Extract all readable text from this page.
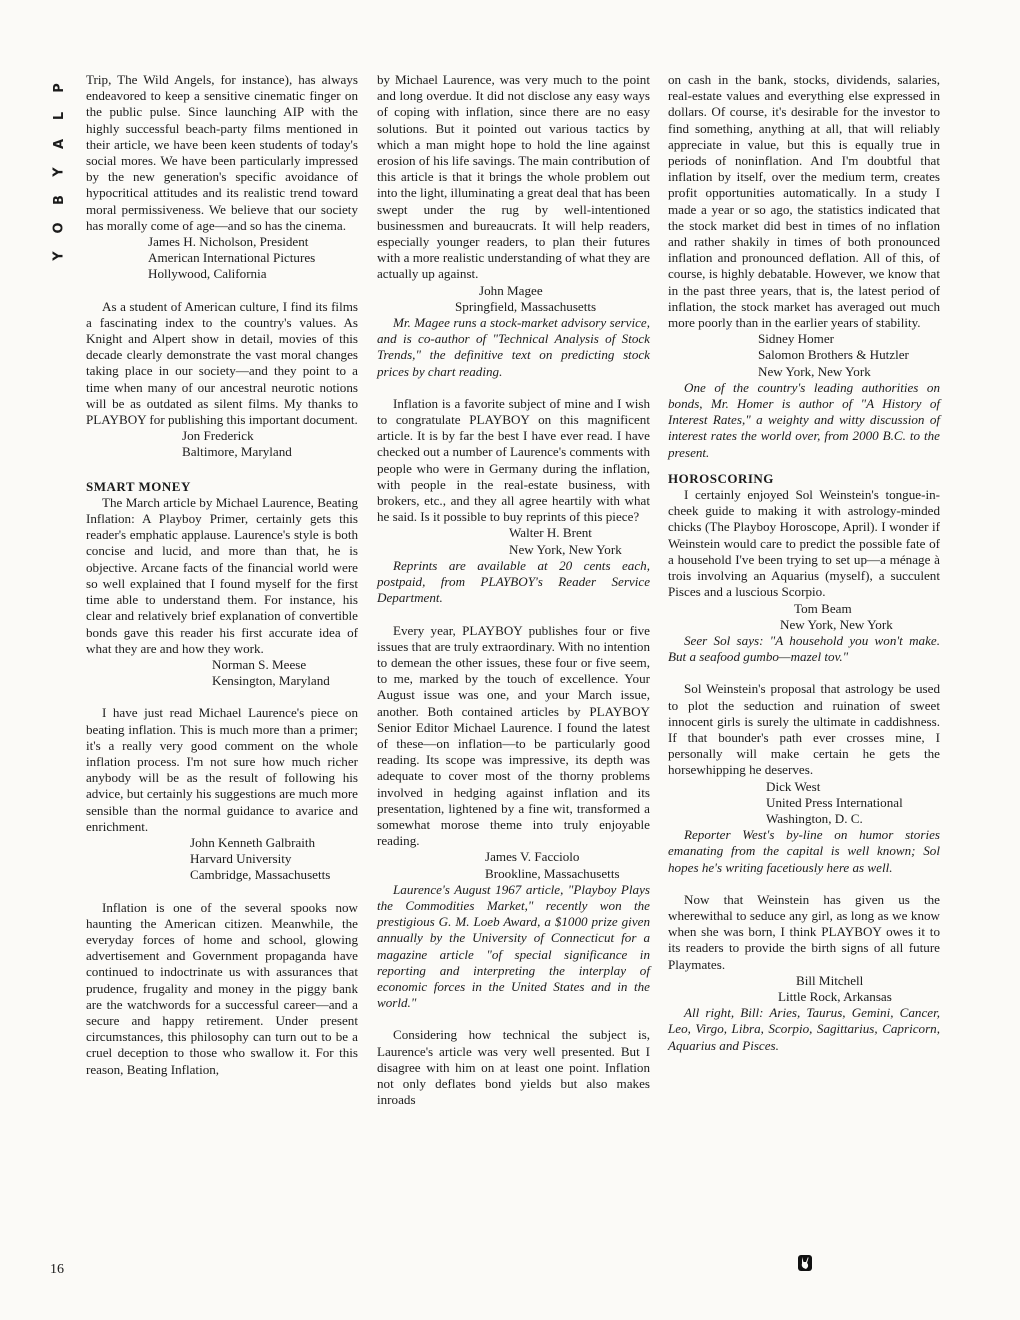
P
L
A
Y
B
O
Y
16

Trip, The Wild Angels, for instance), has always endeavored to keep a sensitive cinematic finger on the public pulse. Since launching AIP with the highly successful beach-party films mentioned in their article, we have been keen students of today's social mores. We have been particularly impressed by the new generation's specific avoidance of hypocritical attitudes and its realistic trend toward moral permissiveness. We believe that our society has morally come of age—and so has the cinema.

James H. Nicholson, President
American International Pictures
Hollywood, California

As a student of American culture, I find its films a fascinating index to the country's values. As Knight and Alpert show in detail, movies of this decade clearly demonstrate the vast moral changes taking place in our society—and they point to a time when many of our ancestral neurotic notions will be as outdated as silent films. My thanks to PLAYBOY for publishing this important document.

Jon Frederick
Baltimore, Maryland
SMART MONEY

The March article by Michael Laurence, Beating Inflation: A Playboy Primer, certainly gets this reader's emphatic applause. Laurence's style is both concise and lucid, and more than that, he is objective. Arcane facts of the financial world were so well explained that I found myself for the first time able to understand them. For instance, his clear and relatively brief explanation of convertible bonds gave this reader his first accurate idea of what they are and how they work.

Norman S. Meese
Kensington, Maryland

I have just read Michael Laurence's piece on beating inflation. This is much more than a primer; it's a really very good comment on the whole inflation process. I'm not sure how much richer anybody will be as the result of following his advice, but certainly his suggestions are much more sensible than the normal guidance to avarice and enrichment.

John Kenneth Galbraith
Harvard University
Cambridge, Massachusetts

Inflation is one of the several spooks now haunting the American citizen. Meanwhile, the everyday forces of home and school, glowing advertisement and Government propaganda have continued to indoctrinate us with assurances that prudence, frugality and money in the piggy bank are the watchwords for a successful career—and a secure and happy retirement. Under present circumstances, this philosophy can turn out to be a cruel deception to those who swallow it. For this reason, Beating Inflation,

by Michael Laurence, was very much to the point and long overdue. It did not disclose any easy ways of coping with inflation, since there are no easy solutions. But it pointed out various tactics by which a man might hope to hold the line against erosion of his life savings. The main contribution of this article is that it brings the whole problem out into the light, illuminating a great deal that has been swept under the rug by well-intentioned businessmen and bureaucrats. It will help readers, especially younger readers, to plan their futures with a more realistic understanding of what they are actually up against.

John Magee
Springfield, Massachusetts

Mr. Magee runs a stock-market advisory service, and is co-author of "Technical Analysis of Stock Trends," the definitive text on predicting stock prices by chart reading.

Inflation is a favorite subject of mine and I wish to congratulate PLAYBOY on this magnificent article. It is by far the best I have ever read. I have checked out a number of Laurence's comments with people who were in Germany during the inflation, with people in the real-estate business, with brokers, etc., and they all agree heartily with what he said. Is it possible to buy reprints of this piece?

Walter H. Brent
New York, New York

Reprints are available at 20 cents each, postpaid, from PLAYBOY's Reader Service Department.

Every year, PLAYBOY publishes four or five issues that are truly extraordinary. With no intention to demean the other issues, these four or five seem, to me, marked by the touch of excellence. Your August issue was one, and your March issue, another. Both contained articles by PLAYBOY Senior Editor Michael Laurence. I found the latest of these—on inflation—to be particularly good reading. Its scope was impressive, its depth was adequate to cover most of the thorny problems involved in hedging against inflation and its presentation, lightened by a fine wit, transformed a somewhat morose theme into truly enjoyable reading.

James V. Facciolo
Brookline, Massachusetts

Laurence's August 1967 article, "Playboy Plays the Commodities Market," recently won the prestigious G. M. Loeb Award, a $1000 prize given annually by the University of Connecticut for a magazine article "of special significance in reporting and interpreting the interplay of economic forces in the United States and in the world."

Considering how technical the subject is, Laurence's article was very well presented. But I disagree with him on at least one point. Inflation not only deflates bond yields but also makes inroads

on cash in the bank, stocks, dividends, salaries, real-estate values and everything else expressed in dollars. Of course, it's desirable for the investor to find something, anything at all, that will reliably appreciate in value, but this is equally true in periods of noninflation. And I'm doubtful that inflation by itself, over the medium term, creates profit opportunities automatically. In a study I made a year or so ago, the statistics indicated that the stock market did best in times of no inflation and rather shakily in times of both pronounced inflation and pronounced deflation. All of this, of course, is highly debatable. However, we know that in the past three years, that is, the latest period of inflation, the stock market has averaged out much more poorly than in the earlier years of stability.

Sidney Homer
Salomon Brothers & Hutzler
New York, New York

One of the country's leading authorities on bonds, Mr. Homer is author of "A History of Interest Rates," a weighty and witty discussion of interest rates the world over, from 2000 B.C. to the present.

HOROSCORING

I certainly enjoyed Sol Weinstein's tongue-in-cheek guide to making it with astrology-minded chicks (The Playboy Horoscope, April). I wonder if Weinstein would care to predict the possible fate of a household I've been trying to set up—a ménage à trois involving an Aquarius (myself), a succulent Pisces and a luscious Scorpio.

Tom Beam
New York, New York

Seer Sol says: "A household you won't make. But a seafood gumbo—mazel tov."

Sol Weinstein's proposal that astrology be used to plot the seduction and ruination of sweet innocent girls is surely the ultimate in caddishness. If that bounder's path ever crosses mine, I personally will make certain he gets the horsewhipping he deserves.

Dick West
United Press International
Washington, D. C.

Reporter West's by-line on humor stories emanating from the capital is well known; Sol hopes he's writing facetiously here as well.

Now that Weinstein has given us the wherewithal to seduce any girl, as long as we know when she was born, I think PLAYBOY owes it to its readers to provide the birth signs of all future Playmates.

Bill Mitchell
Little Rock, Arkansas

All right, Bill: Aries, Taurus, Gemini, Cancer, Leo, Virgo, Libra, Scorpio, Sagittarius, Capricorn, Aquarius and Pisces.
